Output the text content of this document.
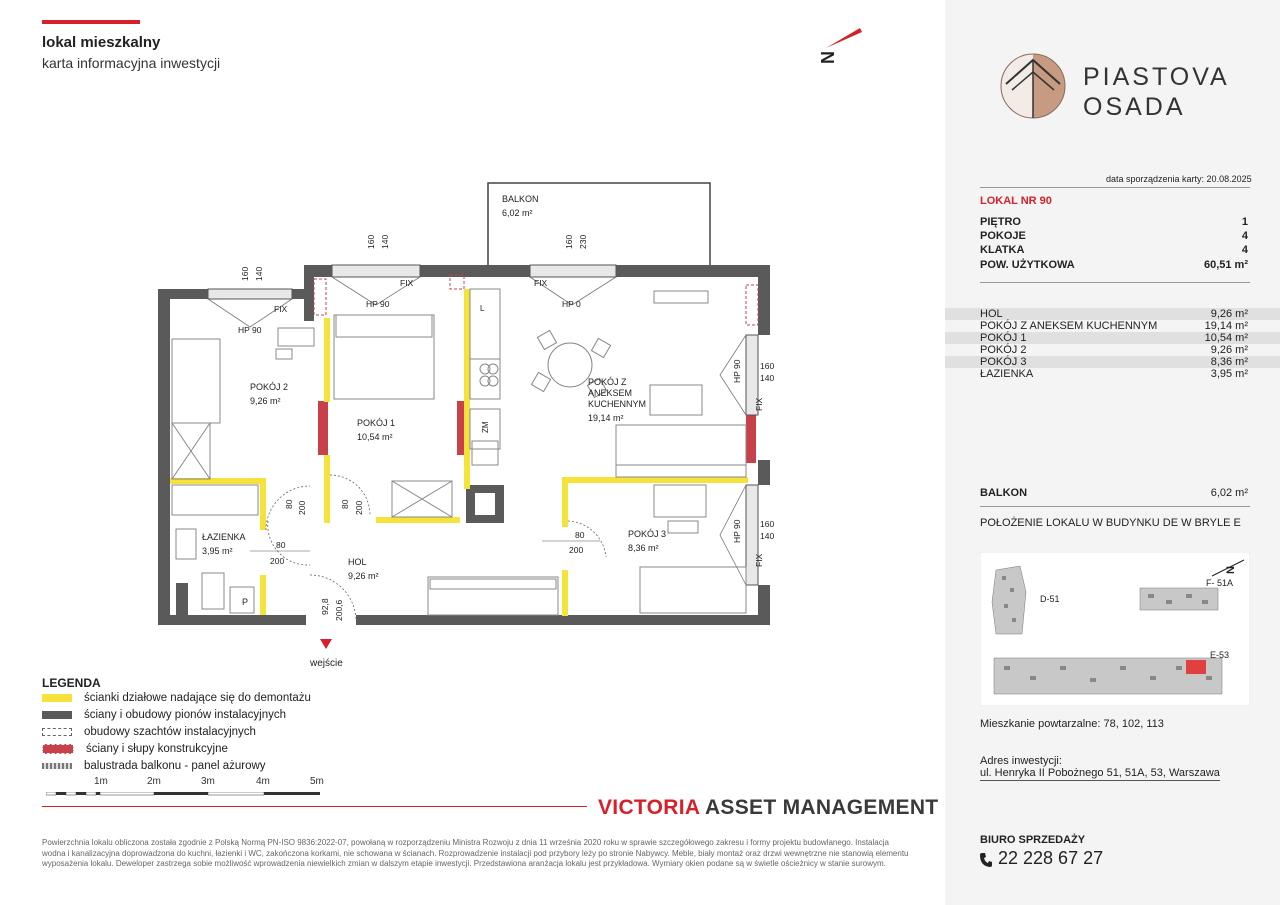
lokal mieszkalny
karta informacyjna inwestycji	N
BALKON
6,02 m²
POKÓJ 2
9,26 m²
POKÓJ 1
10,54 m²
POKÓJ Z
ANEKSEM
KUCHENNYM
19,14 m²
ŁAZIENKA
3,95 m²
HOL
9,26 m²
POKÓJ 3
8,36 m²
160 140
HP 90
FIX
160 140
HP 90
FIX
160 230
HP 0
FIX
160
140
HP 90
FIX
160
140
HP 90
FIX
80 200	80 200
80
200
80
200
92,8 200,6
L
ZM
P
wejście
LEGENDA
ścianki działowe nadające się do demontażu
ściany i obudowy pionów instalacyjnych
obudowy szachtów instalacyjnych
ściany i słupy konstrukcyjne
balustrada balkonu - panel ażurowy
1m	2m	3m	4m	5m
VICTORIA ASSET MANAGEMENT
Powierzchnia lokalu obliczona została zgodnie z Polską Normą PN-ISO 9836:2022-07, powołaną w rozporządzeniu Ministra Rozwoju z dnia 11 września 2020 roku w sprawie szczegółowego zakresu i formy projektu budowlanego. Instalacja wodna i kanalizacyjna doprowadzona do kuchni, łazienki i WC, zakończona korkami, nie schowana w ścianach. Rozprowadzenie instalacji pod przybory leży po stronie Nabywcy. Meble, biały montaż oraz drzwi wewnętrzne nie stanowią elementu wyposażenia lokalu. Deweloper zastrzega sobie możliwość wprowadzenia niewielkich zmian w dalszym etapie inwestycji. Przedstawiona aranżacja lokalu jest przykładowa. Wymiary okien podane są w świetle ościeżnicy w stanie surowym.
PIASTOVA
OSADA
data sporządzenia karty: 20.08.2025
LOKAL NR 90
PIĘTRO	1
POKOJE	4
KLATKA	4
POW. UŻYTKOWA	60,51 m²
HOL	9,26 m²
POKÓJ Z ANEKSEM KUCHENNYM	19,14 m²
POKÓJ 1	10,54 m²
POKÓJ 2	9,26 m²
POKÓJ 3	8,36 m²
ŁAZIENKA	3,95 m²
BALKON	6,02 m²
POŁOŻENIE LOKALU W BUDYNKU DE W BRYLE E
D-51
F- 51A
E-53
N
Mieszkanie powtarzalne: 78, 102, 113
Adres inwestycji:
ul. Henryka II Pobożnego 51, 51A, 53, Warszawa
BIURO SPRZEDAŻY
22 228 67 27
